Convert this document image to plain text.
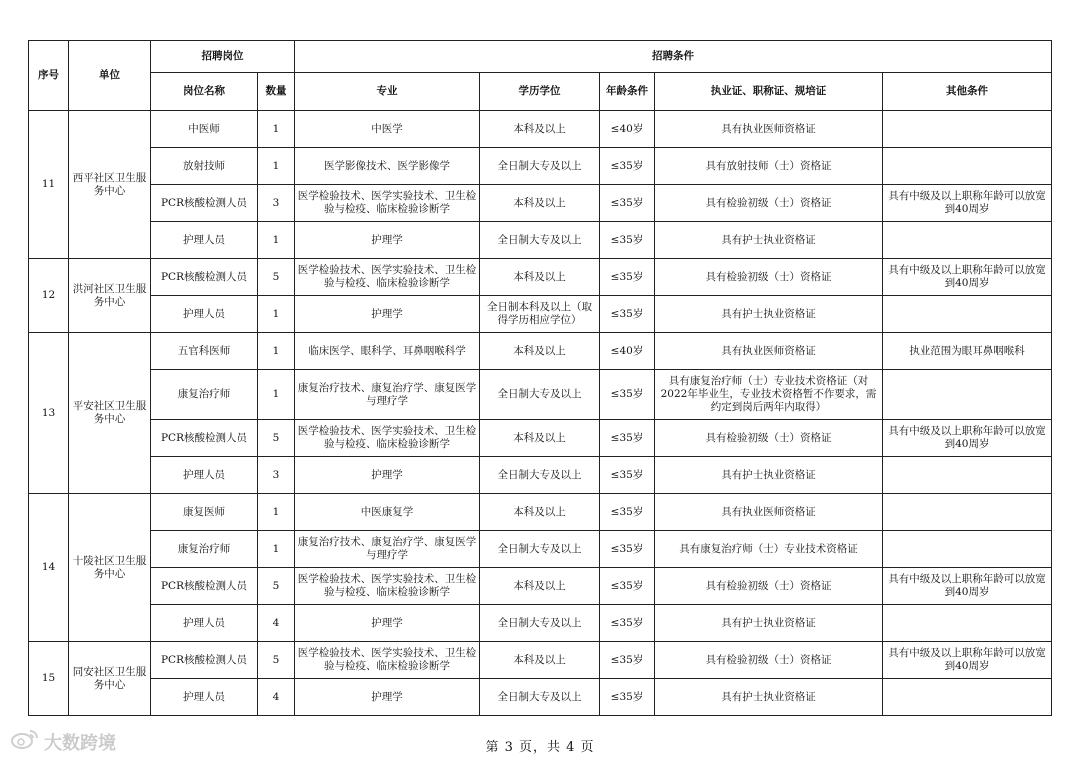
序号	单位	招聘岗位		招聘条件				
		岗位名称	数量	专业	学历学位	年龄条件	执业证、职称证、规培证	其他条件
11	西平社区卫生服务中心	中医师	1	中医学	本科及以上	≤40岁	具有执业医师资格证	
		放射技师	1	医学影像技术、医学影像学	全日制大专及以上	≤35岁	具有放射技师（士）资格证	
		PCR核酸检测人员	3	医学检验技术、医学实验技术、卫生检验与检疫、临床检验诊断学	本科及以上	≤35岁	具有检验初级（士）资格证	具有中级及以上职称年龄可以放宽到40周岁
		护理人员	1	护理学	全日制大专及以上	≤35岁	具有护士执业资格证	
12	洪河社区卫生服务中心	PCR核酸检测人员	5	医学检验技术、医学实验技术、卫生检验与检疫、临床检验诊断学	本科及以上	≤35岁	具有检验初级（士）资格证	具有中级及以上职称年龄可以放宽到40周岁
		护理人员	1	护理学	全日制本科及以上（取得学历相应学位）	≤35岁	具有护士执业资格证	
13	平安社区卫生服务中心	五官科医师	1	临床医学、眼科学、耳鼻咽喉科学	本科及以上	≤40岁	具有执业医师资格证	执业范围为眼耳鼻咽喉科
		康复治疗师	1	康复治疗技术、康复治疗学、康复医学与理疗学	全日制大专及以上	≤35岁	具有康复治疗师（士）专业技术资格证（对2022年毕业生，专业技术资格暂不作要求，需约定到岗后两年内取得）	
		PCR核酸检测人员	5	医学检验技术、医学实验技术、卫生检验与检疫、临床检验诊断学	本科及以上	≤35岁	具有检验初级（士）资格证	具有中级及以上职称年龄可以放宽到40周岁
		护理人员	3	护理学	全日制大专及以上	≤35岁	具有护士执业资格证	
14	十陵社区卫生服务中心	康复医师	1	中医康复学	本科及以上	≤35岁	具有执业医师资格证	
		康复治疗师	1	康复治疗技术、康复治疗学、康复医学与理疗学	全日制大专及以上	≤35岁	具有康复治疗师（士）专业技术资格证	
		PCR核酸检测人员	5	医学检验技术、医学实验技术、卫生检验与检疫、临床检验诊断学	本科及以上	≤35岁	具有检验初级（士）资格证	具有中级及以上职称年龄可以放宽到40周岁
		护理人员	4	护理学	全日制大专及以上	≤35岁	具有护士执业资格证	
15	同安社区卫生服务中心	PCR核酸检测人员	5	医学检验技术、医学实验技术、卫生检验与检疫、临床检验诊断学	本科及以上	≤35岁	具有检验初级（士）资格证	具有中级及以上职称年龄可以放宽到40周岁
		护理人员	4	护理学	全日制大专及以上	≤35岁	具有护士执业资格证	
大数跨境	第 3 页，共 4 页
